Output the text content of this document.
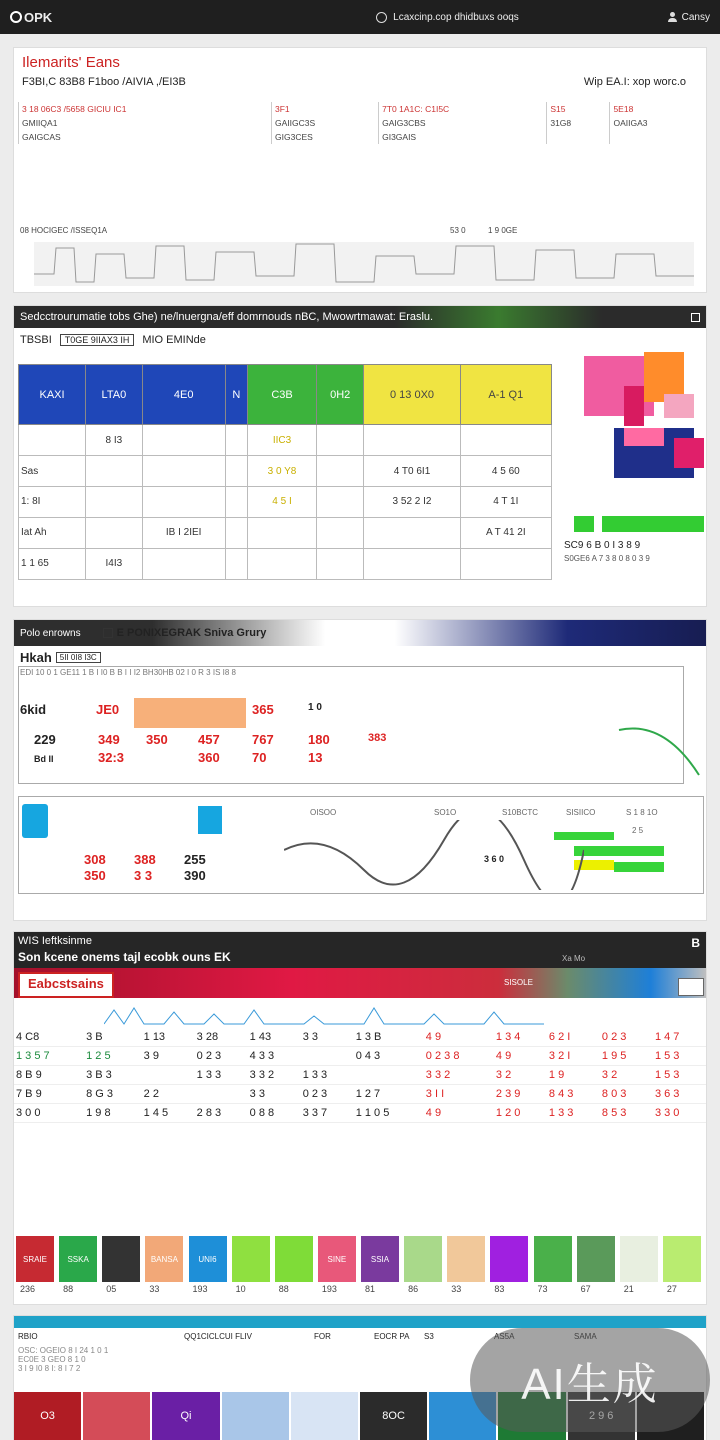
OPK	Lcaxcinp.cop dhidbuxs ooqs	Cansy
Ilemarits' Eans
F3BI,C 83B8 F1boo /AIVIA ,/EI3B	Wip EA.I: xop worc.o
3 18 06C3 /5658 GICIU IC1	3F1	7T0 1A1C: C1I5C	S15	5E18
GMIIQA1	GAIIGC3S	GAIG3CBS	31G8	OAIIGA3
GAIGCAS	GIG3CES	GI3GAIS		
08 HOCIGEC /ISSEQ1A	53 0	1 9 0GE
Sedcctrourumatie tobs Ghe) ne/lnuergna/eff domrnouds nBC, Mwowrtmawat: Eraslu.
TBSBI	T0GE 9IIAX3 IH	MIO EMINde
KAXI	LTA0	4E0	N	C3B	0H2	0 13 0X0	A-1 Q1
	8 I3			IIC3			
Sas				3 0 Y8		4 T0 6I1	4 5 60
1: 8I				4 5 I		3 52 2 I2	4 T 1I
Iat Ah		IB I 2IEI					A T 41 2I
1 1 65	I4I3						
SC9 6 B 0 I 3 8 9
S0GE6 A 7 3 8 0 8 0 3 9
Polo enrowns	E PONIXEGRAK Sniva Grury
Hkah	5II 0I8 I3C
EDI 10 0 1 GE11 1 B I I0 B B I I I2 BH30HB 02 I 0 R 3 IS I8 8
6kid	JE0	365	1 0
229	349 350 457 767	180	383
Bd II	32:3	360 70	13
OISOO	SO1O	S10BCTC	SISIICO	S 1 8 1O
2 5
308 388 255	3 6 0
350 3 3 390
WIS Ieftksinme
Son kcene onems tajl ecobk ouns EK	Xa Mo
B
SISOLE
Eabcstsains
4 C8	3 B	1 13	3 28	1 43	3 3	1 3 B	4 9	1 3 4	6 2 I	0 2 3	1 4 7
1 3 5 7	1 2 5	3 9	0 2 3	4 3 3		0 4 3	0 2 3 8	4 9	3 2 I	1 9 5	1 5 3
8 B 9	3 B 3		1 3 3	3 3 2	1 3 3		3 3 2	3 2	1 9	3 2	1 5 3
7 B 9	8 G 3	2 2		3 3	0 2 3	1 2 7	3 I I	2 3 9	8 4 3	8 0 3	3 6 3
3 0 0	1 9 8	1 4 5	2 8 3	0 8 8	3 3 7	1 1 0 5	4 9	1 2 0	1 3 3	8 5 3	3 3 0
SRAIE
236
SSKA
88	05
BANSA
33
UNI6
193	10	88
SINE
193
SSIA
81	86	33	83	73	67	21	27
RBIO	QQ1CICLCUI FLIV	FOR	EOCR PA S3
OSC: OGEIO 8 I 24 1 0 1
EC0E 3 GEO 8 1 0
3 I 9 I0 8 I: 8 I 7 2
O3	Qi	8OC
AI生成
